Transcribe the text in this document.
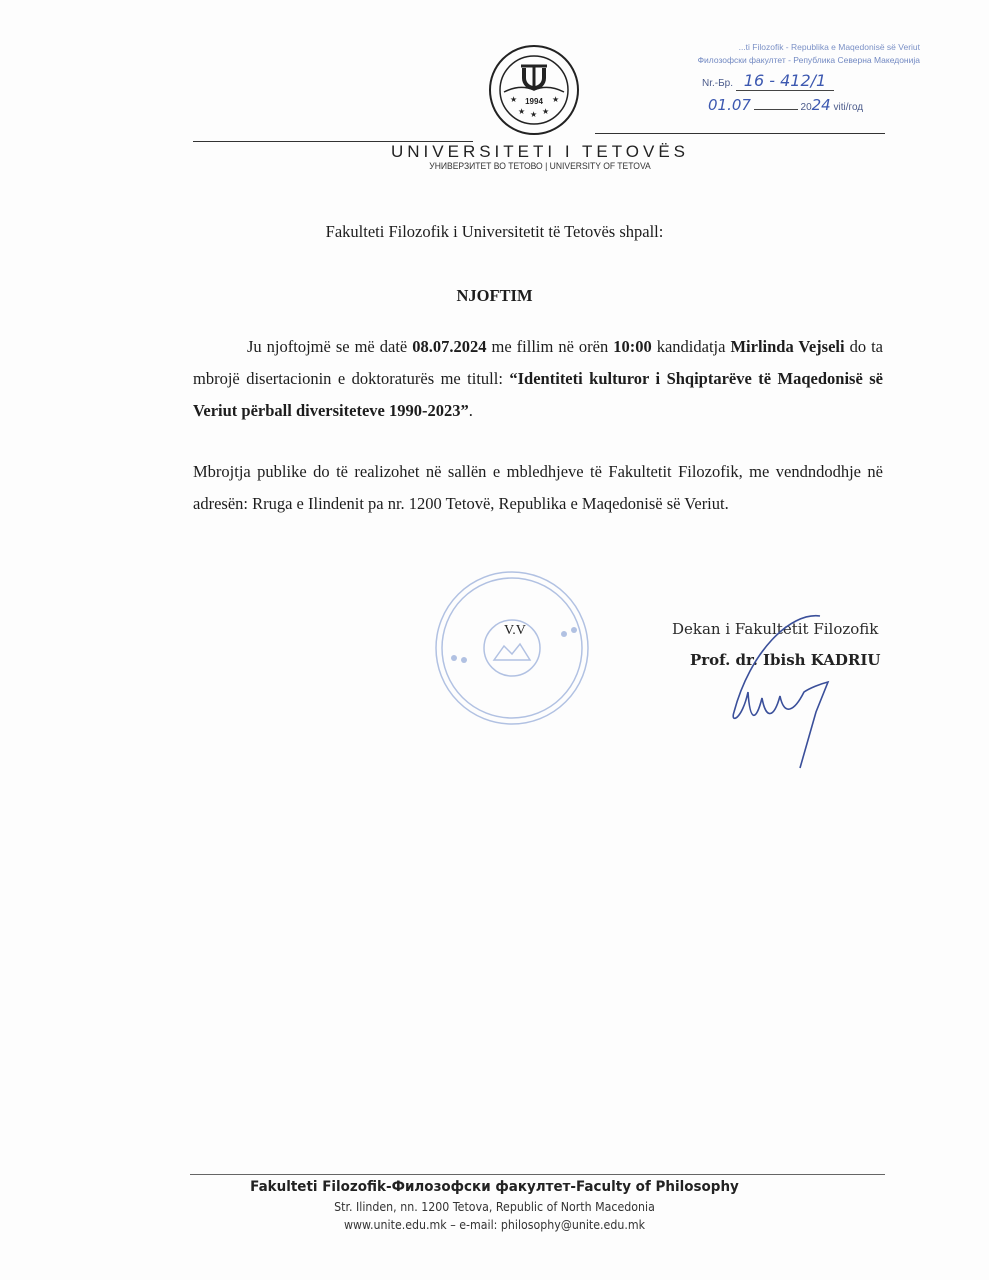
1994
★	★
★ ★ ★
UNIVERSITETI I TETOVËS
УНИВЕРЗИТЕТ ВО ТЕТОВО | UNIVERSITY OF TETOVA
...ti Filozofik - Republika e Maqedonisë së Veriut
Филозофски факултет - Република Северна Македонија
Nr.-Бр. 16 - 412/1
01.07	2024 viti/год
Fakulteti Filozofik i Universitetit të Tetovës shpall:
NJOFTIM
Ju njoftojmë se më datë 08.07.2024 me fillim në orën 10:00 kandidatja Mirlinda Vejseli do ta mbrojë disertacionin e doktoraturës me titull: “Identiteti kulturor i Shqiptarëve të Maqedonisë së Veriut përball diversiteteve 1990-2023”.
Mbrojtja publike do të realizohet në sallën e mbledhjeve të Fakultetit Filozofik, me vendndodhje në adresën: Rruga e Ilindenit pa nr. 1200 Tetovë, Republika e Maqedonisë së Veriut.
V.V	Dekan i Fakultetit Filozofik
Prof. dr. Ibish KADRIU
Fakulteti Filozofik-Филозофски факултет-Faculty of Philosophy
Str. Ilinden, nn. 1200 Tetova, Republic of North Macedonia
www.unite.edu.mk – e-mail: philosophy@unite.edu.mk
